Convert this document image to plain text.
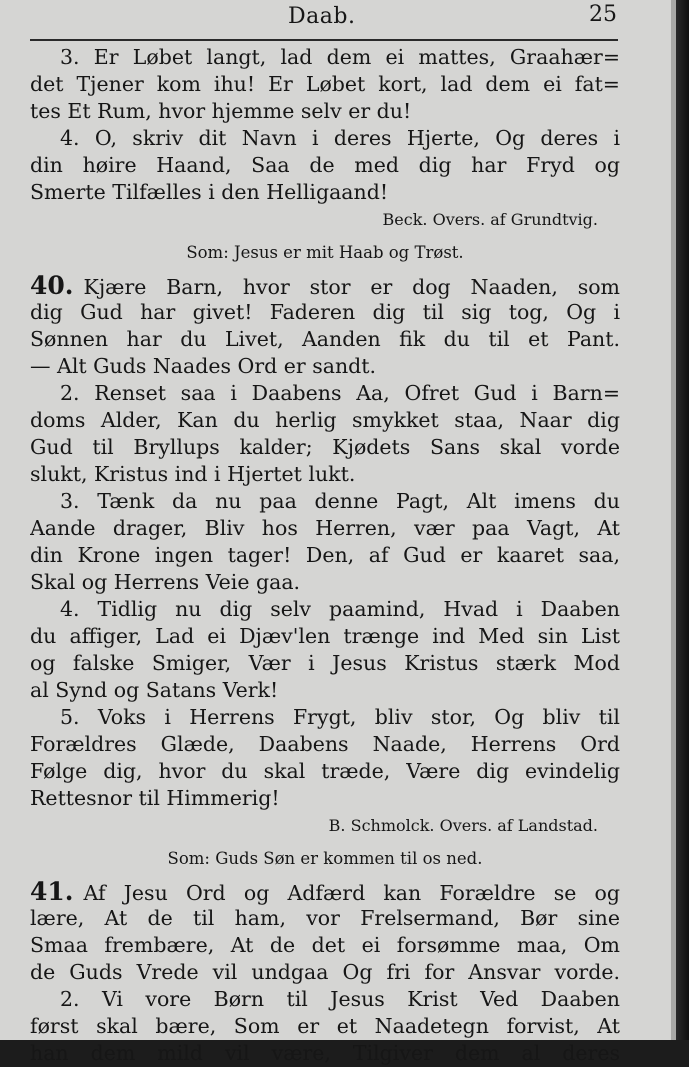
Daab.	25
3. Er Løbet langt, lad dem ei mattes, Graahær=
det Tjener kom ihu! Er Løbet kort, lad dem ei fat=
tes Et Rum, hvor hjemme selv er du!
4. O, skriv dit Navn i deres Hjerte, Og deres i
din høire Haand, Saa de med dig har Fryd og
Smerte Tilfælles i den Helligaand!
Beck. Overs. af Grundtvig.
Som: Jesus er mit Haab og Trøst.
40. Kjære Barn, hvor stor er dog Naaden, som
dig Gud har givet! Faderen dig til sig tog, Og i
Sønnen har du Livet, Aanden fik du til et Pant.
— Alt Guds Naades Ord er sandt.
2. Renset saa i Daabens Aa, Ofret Gud i Barn=
doms Alder, Kan du herlig smykket staa, Naar dig
Gud til Bryllups kalder; Kjødets Sans skal vorde
slukt, Kristus ind i Hjertet lukt.
3. Tænk da nu paa denne Pagt, Alt imens du
Aande drager, Bliv hos Herren, vær paa Vagt, At
din Krone ingen tager! Den, af Gud er kaaret saa,
Skal og Herrens Veie gaa.
4. Tidlig nu dig selv paamind, Hvad i Daaben
du affiger, Lad ei Djæv'len trænge ind Med sin List
og falske Smiger, Vær i Jesus Kristus stærk Mod
al Synd og Satans Verk!
5. Voks i Herrens Frygt, bliv stor, Og bliv til
Forældres Glæde, Daabens Naade, Herrens Ord
Følge dig, hvor du skal træde, Være dig evindelig
Rettesnor til Himmerig!
B. Schmolck. Overs. af Landstad.
Som: Guds Søn er kommen til os ned.
41. Af Jesu Ord og Adfærd kan Forældre se og
lære, At de til ham, vor Frelsermand, Bør sine
Smaa frembære, At de det ei forsømme maa, Om
de Guds Vrede vil undgaa Og fri for Ansvar vorde.
2. Vi vore Børn til Jesus Krist Ved Daaben
først skal bære, Som er et Naadetegn forvist, At
han dem mild vil være, Tilgiver dem al deres
